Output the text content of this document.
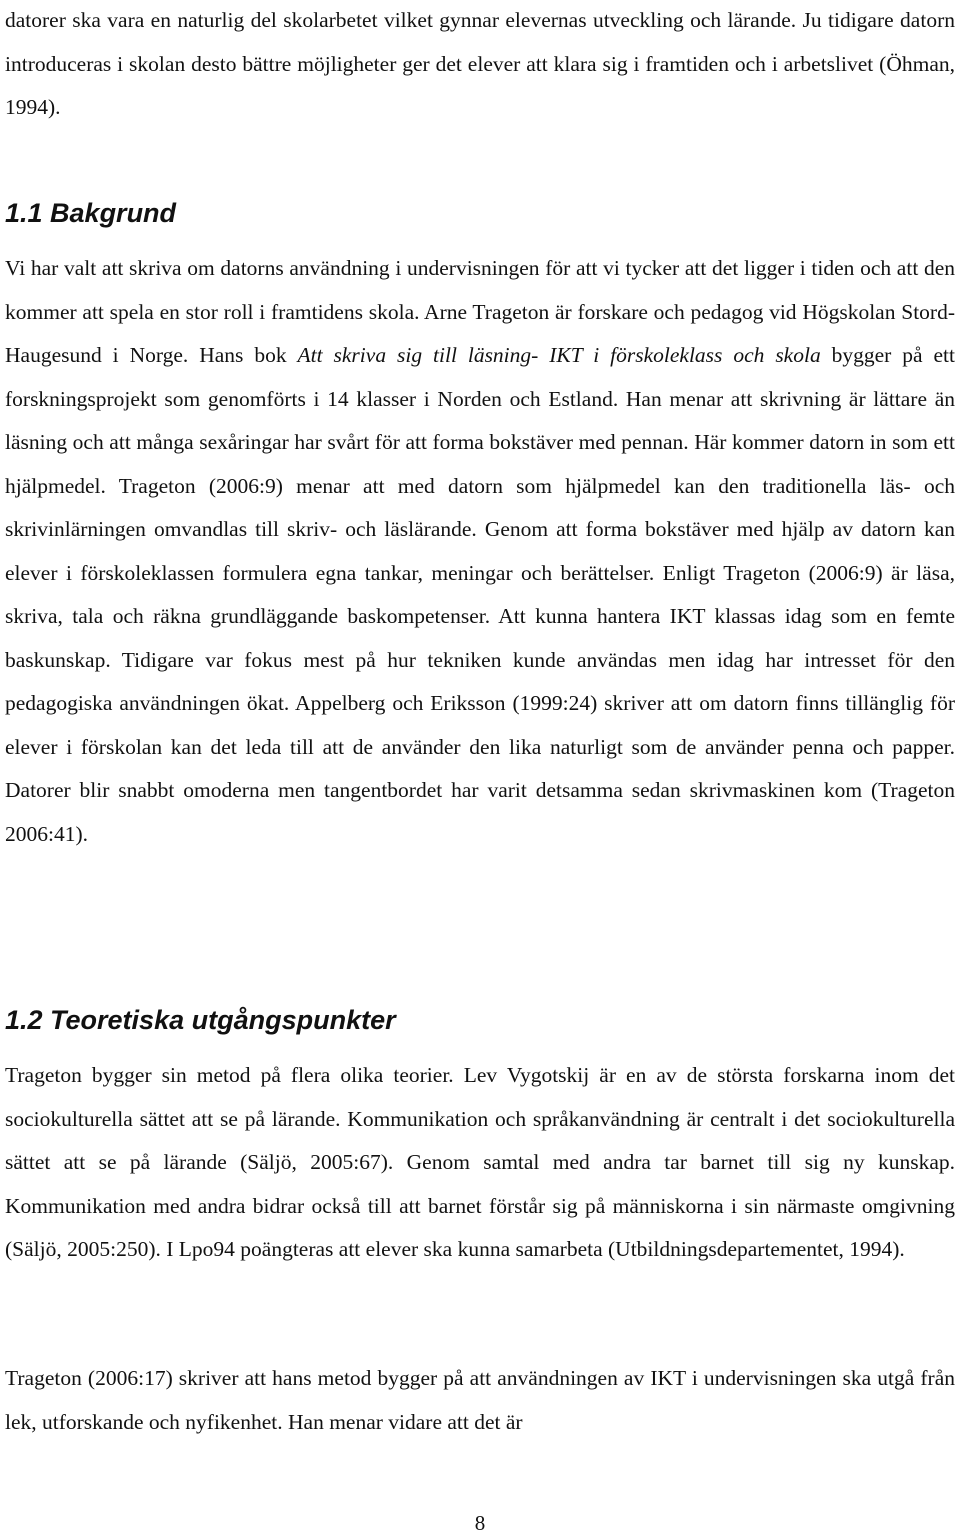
datorer ska vara en naturlig del skolarbetet vilket gynnar elevernas utveckling och lärande. Ju tidigare datorn introduceras i skolan desto bättre möjligheter ger det elever att klara sig i framtiden och i arbetslivet (Öhman, 1994).

1.1 Bakgrund

Vi har valt att skriva om datorns användning i undervisningen för att vi tycker att det ligger i tiden och att den kommer att spela en stor roll i framtidens skola. Arne Trageton är forskare och pedagog vid Högskolan Stord- Haugesund i Norge. Hans bok Att skriva sig till läsning- IKT i förskoleklass och skola bygger på ett forskningsprojekt som genomförts i 14 klasser i Norden och Estland. Han menar att skrivning är lättare än läsning och att många sexåringar har svårt för att forma bokstäver med pennan. Här kommer datorn in som ett hjälpmedel. Trageton (2006:9) menar att med datorn som hjälpmedel kan den traditionella läs- och skrivinlärningen omvandlas till skriv- och läslärande. Genom att forma bokstäver med hjälp av datorn kan elever i förskoleklassen formulera egna tankar, meningar och berättelser. Enligt Trageton (2006:9) är läsa, skriva, tala och räkna grundläggande baskompetenser. Att kunna hantera IKT klassas idag som en femte baskunskap. Tidigare var fokus mest på hur tekniken kunde användas men idag har intresset för den pedagogiska användningen ökat. Appelberg och Eriksson (1999:24) skriver att om datorn finns tillänglig för elever i förskolan kan det leda till att de använder den lika naturligt som de använder penna och papper. Datorer blir snabbt omoderna men tangentbordet har varit detsamma sedan skrivmaskinen kom (Trageton 2006:41).

1.2 Teoretiska utgångspunkter

Trageton bygger sin metod på flera olika teorier. Lev Vygotskij är en av de största forskarna inom det sociokulturella sättet att se på lärande. Kommunikation och språkanvändning är centralt i det sociokulturella sättet att se på lärande (Säljö, 2005:67). Genom samtal med andra tar barnet till sig ny kunskap. Kommunikation med andra bidrar också till att barnet förstår sig på människorna i sin närmaste omgivning (Säljö, 2005:250). I Lpo94 poängteras att elever ska kunna samarbeta (Utbildningsdepartementet, 1994).

Trageton (2006:17) skriver att hans metod bygger på att användningen av IKT i undervisningen ska utgå från lek, utforskande och nyfikenhet. Han menar vidare att det är

8
